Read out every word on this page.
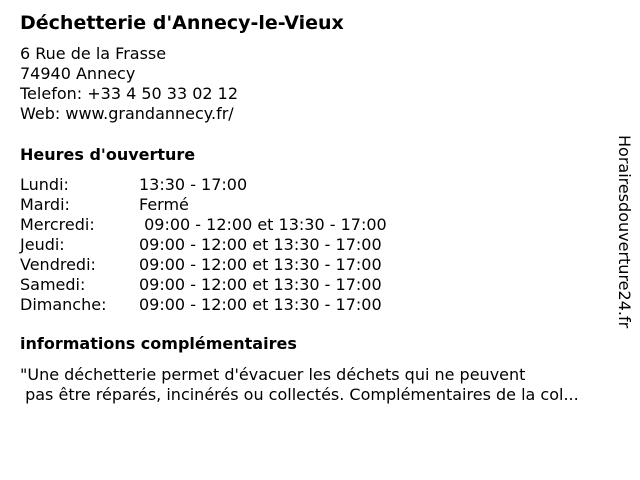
Déchetterie d'Annecy-le-Vieux
6 Rue de la Frasse
74940 Annecy
Telefon: +33 4 50 33 02 12
Web: www.grandannecy.fr/
Heures d'ouverture
Lundi:	13:30 - 17:00
Mardi:	Fermé
Mercredi:	09:00 - 12:00 et 13:30 - 17:00
Jeudi:	09:00 - 12:00 et 13:30 - 17:00
Vendredi:	09:00 - 12:00 et 13:30 - 17:00
Samedi:	09:00 - 12:00 et 13:30 - 17:00
Dimanche: 09:00 - 12:00 et 13:30 - 17:00
informations complémentaires
"Une déchetterie permet d'évacuer les déchets qui ne peuvent
pas être réparés, incinérés ou collectés. Complémentaires de la col...
Horairesdouverture24.fr
